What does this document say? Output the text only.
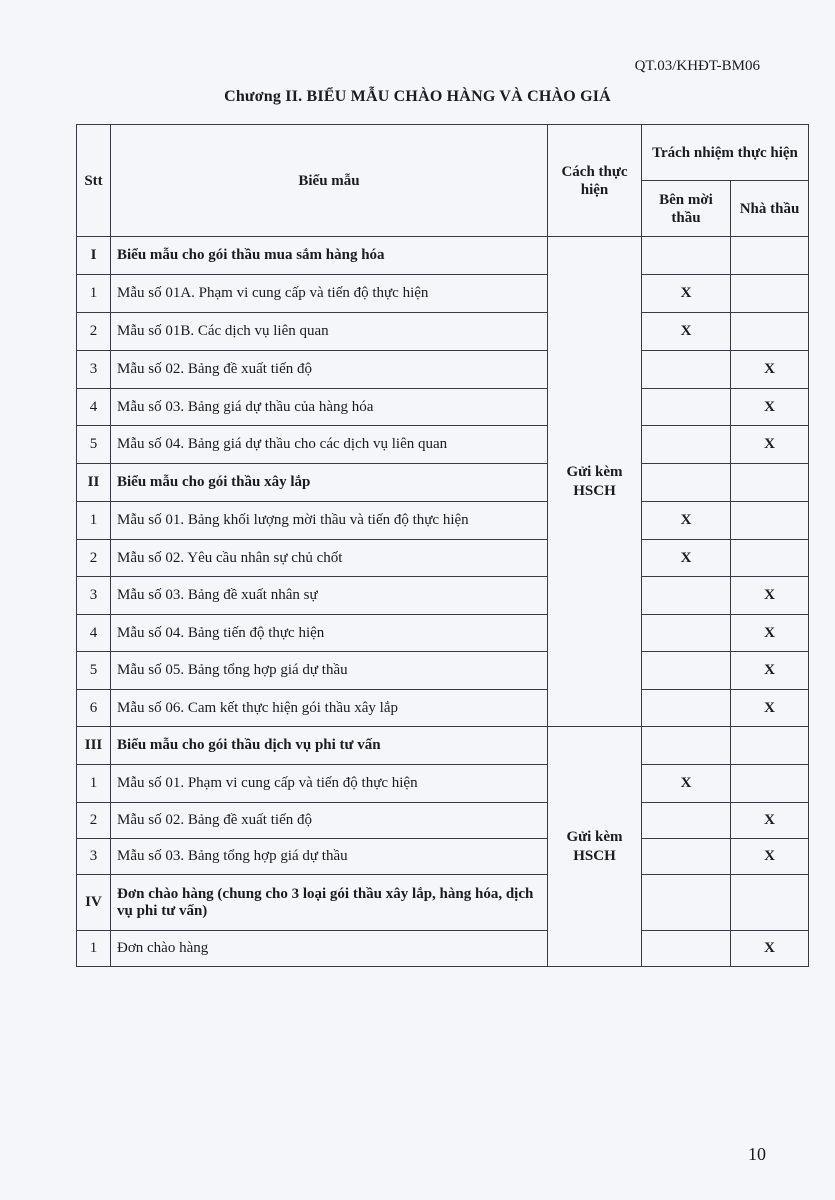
QT.03/KHĐT-BM06
Chương II. BIỂU MẪU CHÀO HÀNG VÀ CHÀO GIÁ
Stt	Biểu mẫu	Cách thực hiện	Trách nhiệm thực hiện	
			Bên mời thầu	Nhà thầu
I	Biểu mẫu cho gói thầu mua sắm hàng hóa	Gửi kèm HSCH		
1	Mẫu số 01A. Phạm vi cung cấp và tiến độ thực hiện		X	
2	Mẫu số 01B. Các dịch vụ liên quan		X	
3	Mẫu số 02. Bảng đề xuất tiến độ			X
4	Mẫu số 03. Bảng giá dự thầu của hàng hóa			X
5	Mẫu số 04. Bảng giá dự thầu cho các dịch vụ liên quan			X
II	Biểu mẫu cho gói thầu xây lắp			
1	Mẫu số 01. Bảng khối lượng mời thầu và tiến độ thực hiện		X	
2	Mẫu số 02. Yêu cầu nhân sự chủ chốt		X	
3	Mẫu số 03. Bảng đề xuất nhân sự			X
4	Mẫu số 04. Bảng tiến độ thực hiện			X
5	Mẫu số 05. Bảng tổng hợp giá dự thầu			X
6	Mẫu số 06. Cam kết thực hiện gói thầu xây lắp			X
III	Biểu mẫu cho gói thầu dịch vụ phi tư vấn	Gửi kèm HSCH		
1	Mẫu số 01. Phạm vi cung cấp và tiến độ thực hiện		X	
2	Mẫu số 02. Bảng đề xuất tiến độ			X
3	Mẫu số 03. Bảng tổng hợp giá dự thầu			X
IV	Đơn chào hàng (chung cho 3 loại gói thầu xây lắp, hàng hóa, dịch vụ phi tư vấn)			
1	Đơn chào hàng			X
10
